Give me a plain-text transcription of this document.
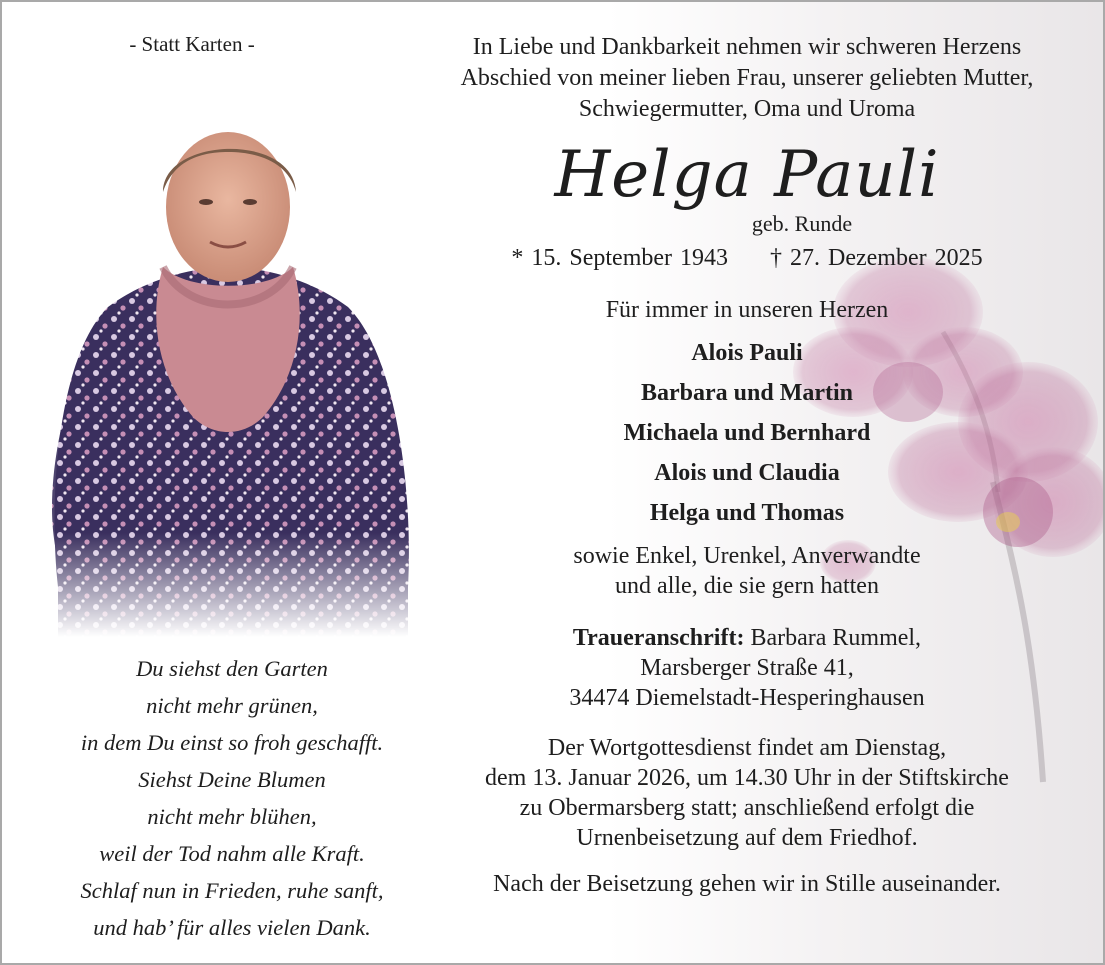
- Statt Karten -

Du siehst den Garten

nicht mehr grünen,

in dem Du einst so froh geschafft.

Siehst Deine Blumen

nicht mehr blühen,

weil der Tod nahm alle Kraft.

Schlaf nun in Frieden, ruhe sanft,

und hab’ für alles vielen Dank.

In Liebe und Dankbarkeit nehmen wir schweren Herzens

Abschied von meiner lieben Frau, unserer geliebten Mutter,

Schwiegermutter, Oma und Uroma

Helga Pauli

geb. Runde

* 15. September 1943 † 27. Dezember 2025

Für immer in unseren Herzen

Alois Pauli

Barbara und Martin

Michaela und Bernhard

Alois und Claudia

Helga und Thomas

sowie Enkel, Urenkel, Anverwandte

und alle, die sie gern hatten

Traueranschrift: Barbara Rummel,

Marsberger Straße 41,

34474 Diemelstadt-Hesperinghausen

Der Wortgottesdienst findet am Dienstag,

dem 13. Januar 2026, um 14.30 Uhr in der Stiftskirche

zu Obermarsberg statt; anschließend erfolgt die

Urnenbeisetzung auf dem Friedhof.

Nach der Beisetzung gehen wir in Stille auseinander.
